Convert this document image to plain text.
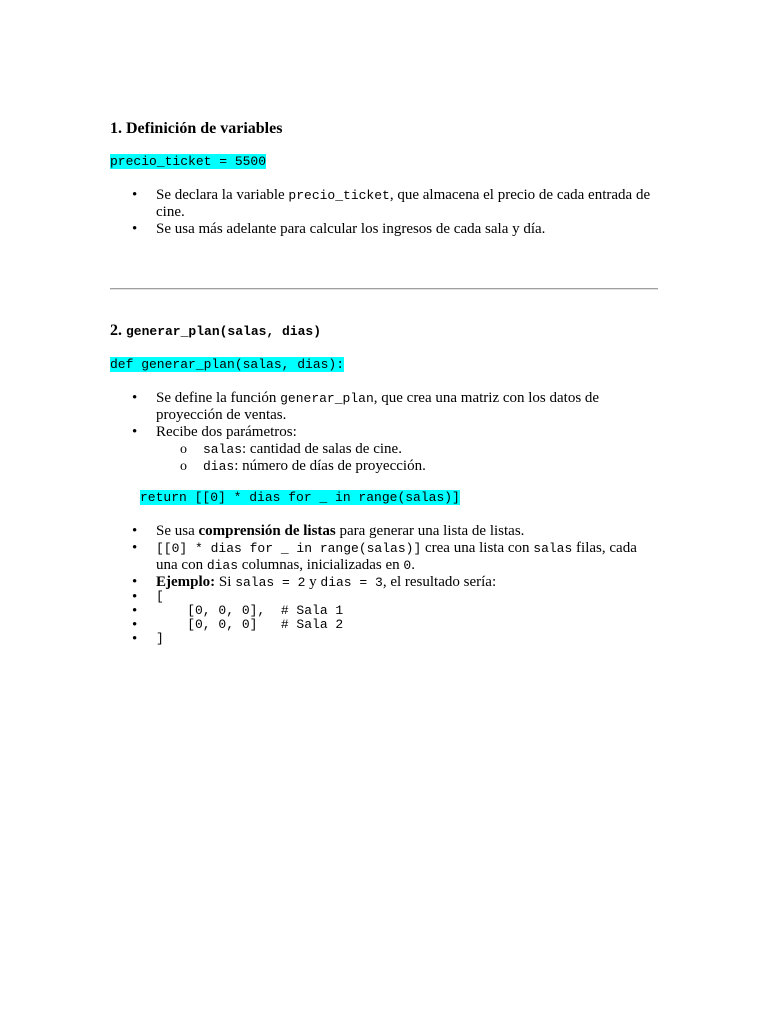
1. Definición de variables
precio_ticket = 5500
• Se declara la variable precio_ticket, que almacena el precio de cada entrada de cine.
• Se usa más adelante para calcular los ingresos de cada sala y día.
2. generar_plan(salas, dias)
def generar_plan(salas, dias):
• Se define la función generar_plan, que crea una matriz con los datos de proyección de ventas.
• Recibe dos parámetros:
o salas: cantidad de salas de cine.
o dias: número de días de proyección.
return [[0] * dias for _ in range(salas)]
• Se usa comprensión de listas para generar una lista de listas.
• [[0] * dias for _ in range(salas)] crea una lista con salas filas, cada una con dias columnas, inicializadas en 0.
• Ejemplo: Si salas = 2 y dias = 3, el resultado sería:
• [
•     [0, 0, 0],  # Sala 1
•     [0, 0, 0]   # Sala 2
• ]
